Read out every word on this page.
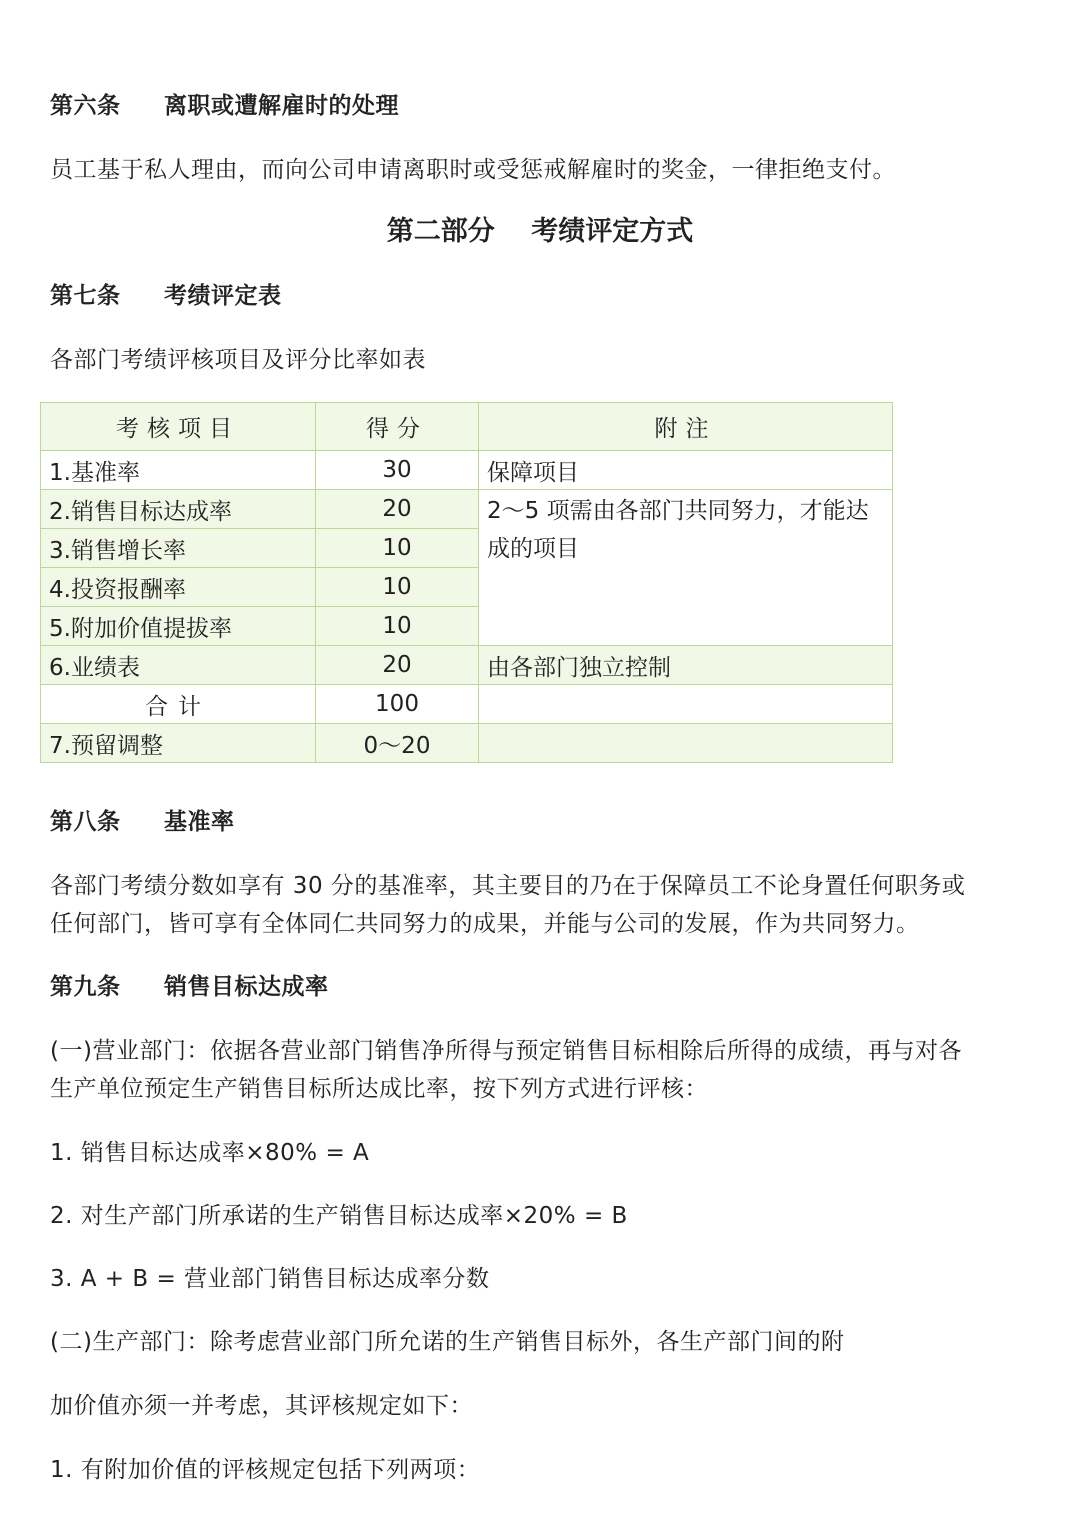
第六条 离职或遭解雇时的处理
员工基于私人理由，而向公司申请离职时或受惩戒解雇时的奖金，一律拒绝支付。
第二部分　 考绩评定方式
第七条 考绩评定表
各部门考绩评核项目及评分比率如表
考核项目	得分	附注
1.基准率	30	保障项目
2.销售目标达成率	20	2～5 项需由各部门共同努力，才能达成的项目
3.销售增长率	10	
4.投资报酬率	10	
5.附加价值提拔率	10	
6.业绩表	20	由各部门独立控制
合计	100	
7.预留调整	0～20	
第八条 基准率
各部门考绩分数如享有 30 分的基准率，其主要目的乃在于保障员工不论身置任何职务或
任何部门，皆可享有全体同仁共同努力的成果，并能与公司的发展，作为共同努力。
第九条 销售目标达成率
(一)营业部门：依据各营业部门销售净所得与预定销售目标相除后所得的成绩，再与对各
生产单位预定生产销售目标所达成比率，按下列方式进行评核：
1. 销售目标达成率×80% = A
2. 对生产部门所承诺的生产销售目标达成率×20% = B
3. A + B = 营业部门销售目标达成率分数
(二)生产部门：除考虑营业部门所允诺的生产销售目标外，各生产部门间的附
加价值亦须一并考虑，其评核规定如下：
1. 有附加价值的评核规定包括下列两项：
